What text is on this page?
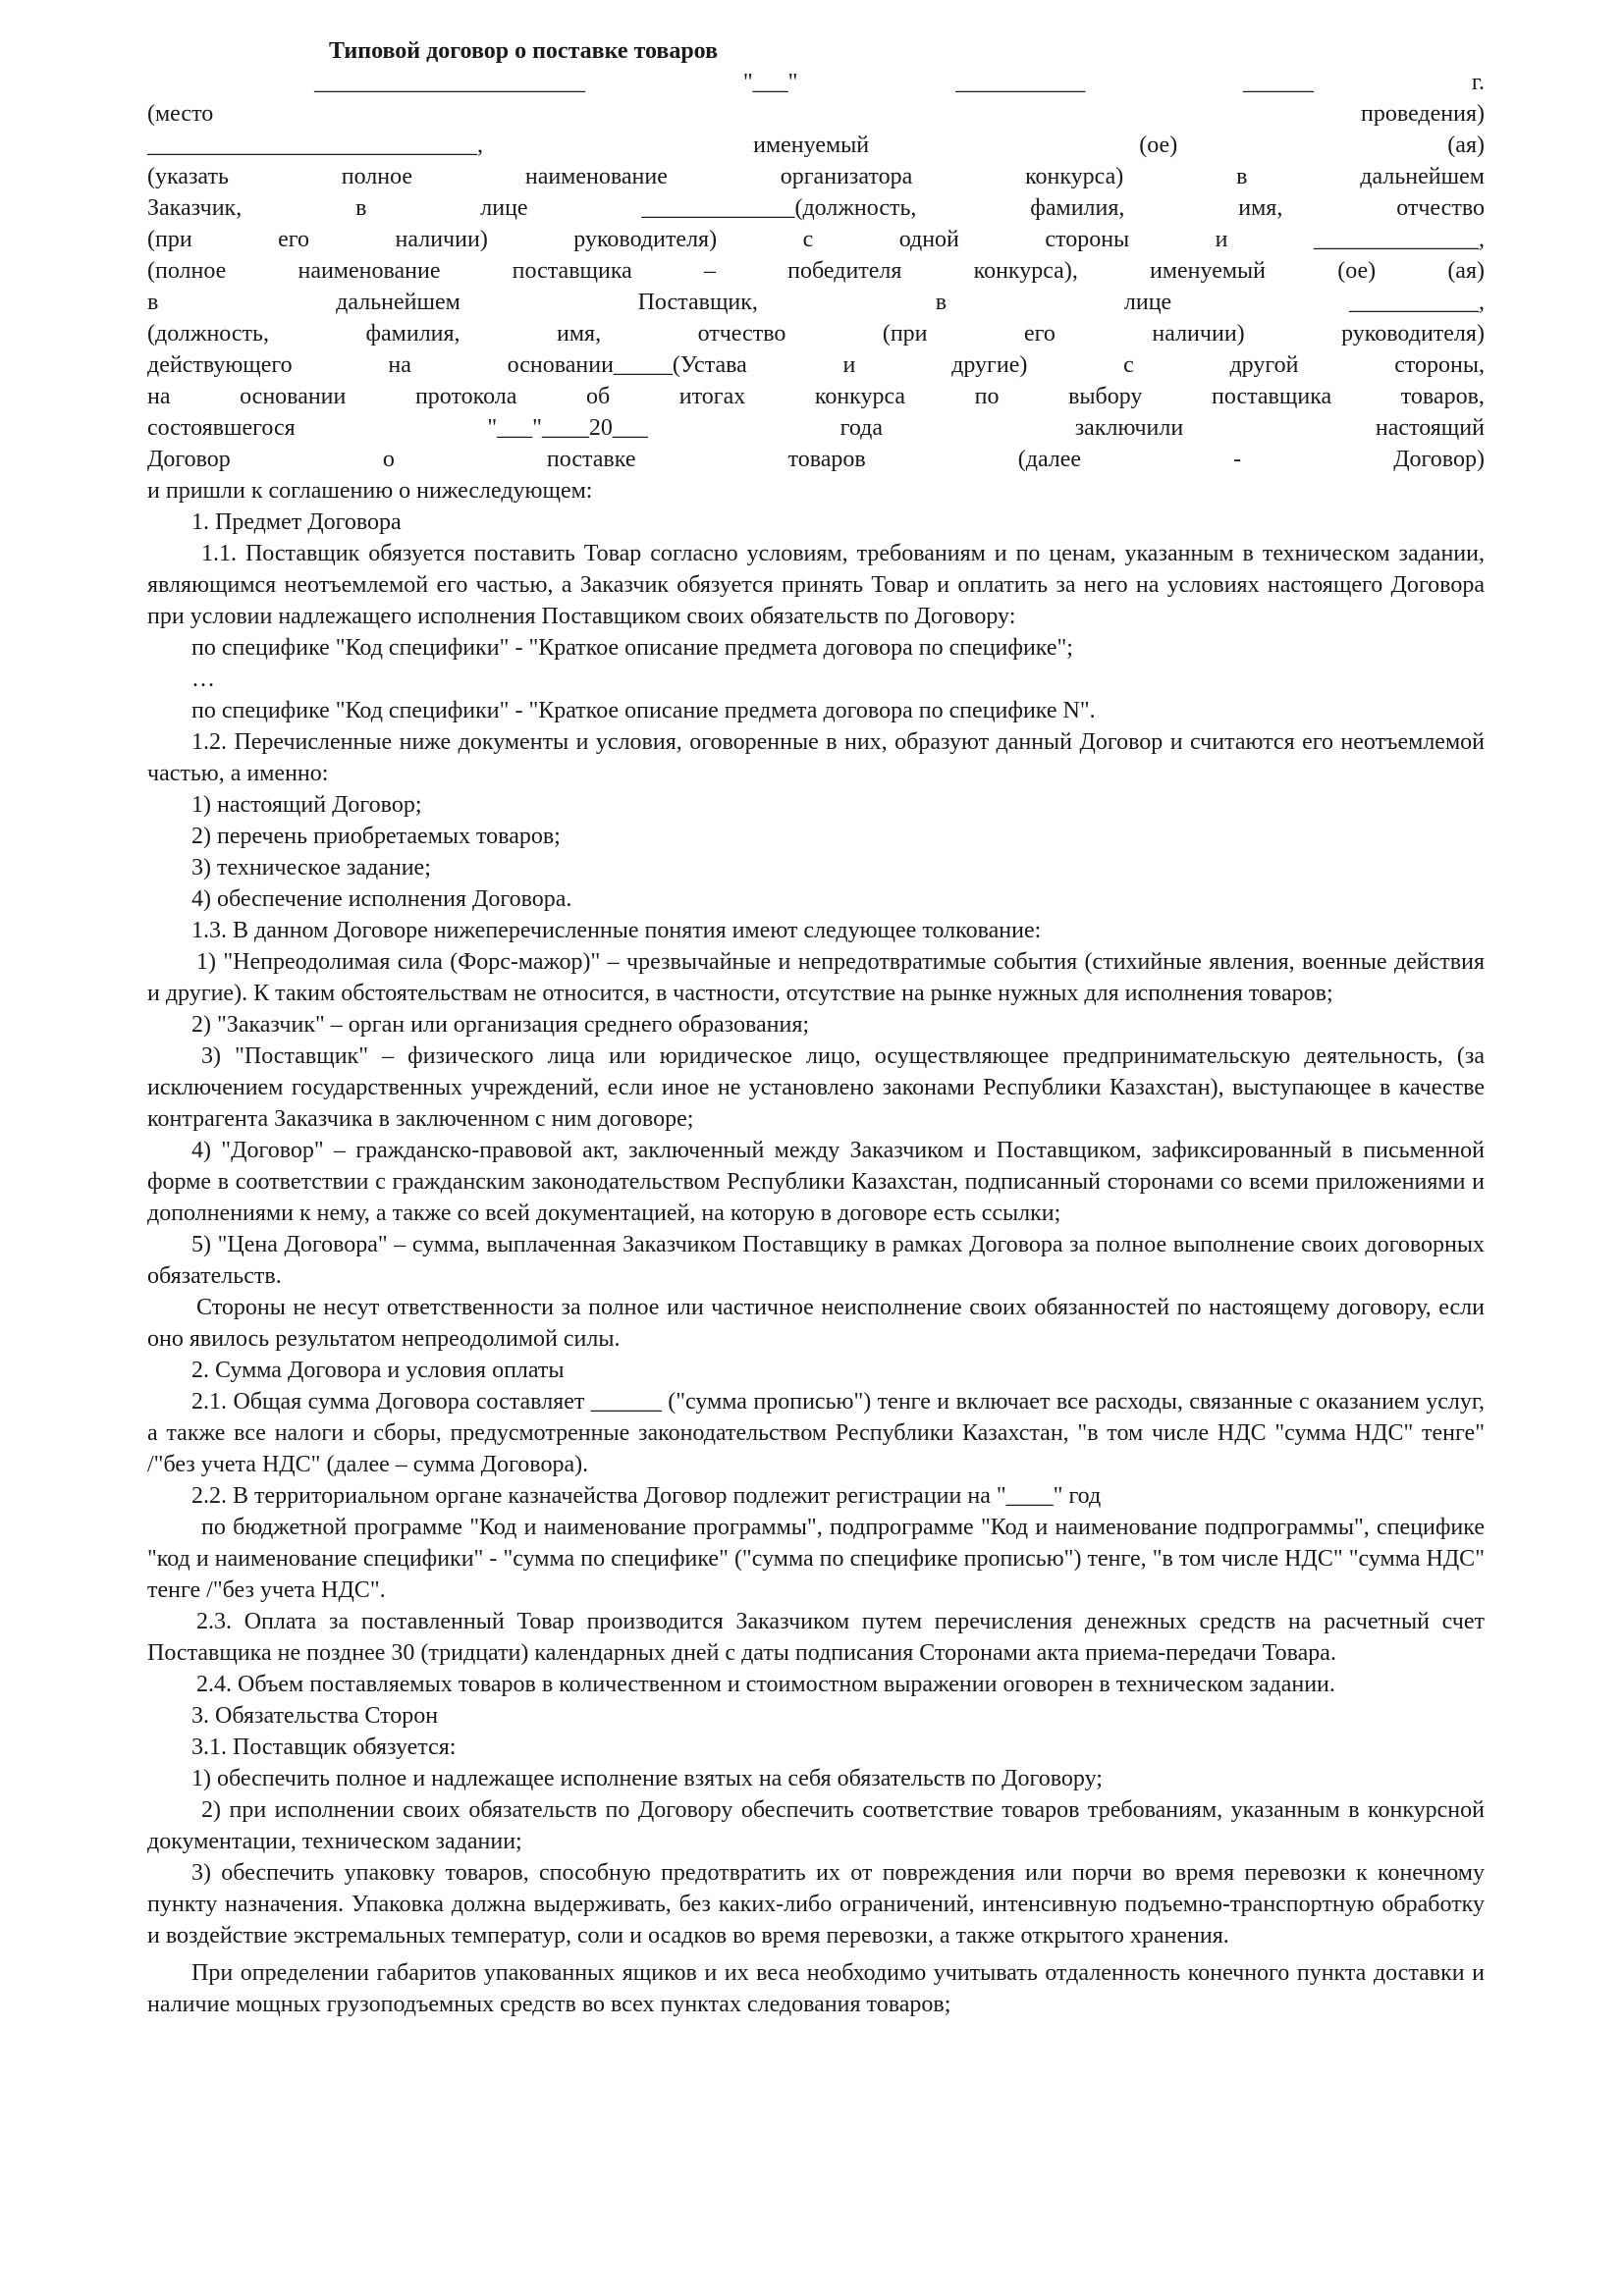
Типовой договор о поставке товаров
_______________________	"___"	___________	______	г.
(место	проведения)
____________________________,	именуемый	(ое)	(ая)
(указать	полное	наименование	организатора	конкурса)	в	дальнейшем
Заказчик,	в	лице	_____________(должность,	фамилия,	имя,	отчество
(при	его	наличии)	руководителя)	с	одной	стороны	и	______________,
(полное	наименование	поставщика	–	победителя	конкурса),	именуемый	(ое)	(ая)
в	дальнейшем	Поставщик,	в	лице	___________,
(должность,	фамилия,	имя,	отчество	(при	его	наличии)	руководителя)
действующего	на	основании_____(Устава	и	другие)	с	другой	стороны,
на	основании	протокола	об	итогах	конкурса	по	выбору	поставщика	товаров,
состоявшегося	"___"____20___	года	заключили	настоящий
Договор	о	поставке	товаров	(далее	-	Договор)
и пришли к соглашению о нижеследующем:
1. Предмет Договора

1.1. Поставщик обязуется поставить Товар согласно условиям, требованиям и по ценам, указанным в техническом задании, являющимся неотъемлемой его частью, а Заказчик обязуется принять Товар и оплатить за него на условиях настоящего Договора при условии надлежащего исполнения Поставщиком своих обязательств по Договору:

по специфике "Код специфики" - "Краткое описание предмета договора по специфике";
…
по специфике "Код специфики" - "Краткое описание предмета договора по специфике N".

1.2. Перечисленные ниже документы и условия, оговоренные в них, образуют данный Договор и считаются его неотъемлемой частью, а именно:

1) настоящий Договор;
2) перечень приобретаемых товаров;
3) техническое задание;
4) обеспечение исполнения Договора.
1.3. В данном Договоре нижеперечисленные понятия имеют следующее толкование:

1) "Непреодолимая сила (Форс-мажор)" – чрезвычайные и непредотвратимые события (стихийные явления, военные действия и другие). К таким обстоятельствам не относится, в частности, отсутствие на рынке нужных для исполнения товаров;

2) "Заказчик" – орган или организация среднего образования;

3) "Поставщик" – физического лица или юридическое лицо, осуществляющее предпринимательскую деятельность, (за исключением государственных учреждений, если иное не установлено законами Республики Казахстан), выступающее в качестве контрагента Заказчика в заключенном с ним договоре;

4) "Договор" – гражданско-правовой акт, заключенный между Заказчиком и Поставщиком, зафиксированный в письменной форме в соответствии с гражданским законодательством Республики Казахстан, подписанный сторонами со всеми приложениями и дополнениями к нему, а также со всей документацией, на которую в договоре есть ссылки;

5) "Цена Договора" – сумма, выплаченная Заказчиком Поставщику в рамках Договора за полное выполнение своих договорных обязательств.

Стороны не несут ответственности за полное или частичное неисполнение своих обязанностей по настоящему договору, если оно явилось результатом непреодолимой силы.

2. Сумма Договора и условия оплаты

2.1. Общая сумма Договора составляет ______ ("сумма прописью") тенге и включает все расходы, связанные с оказанием услуг, а также все налоги и сборы, предусмотренные законодательством Республики Казахстан, "в том числе НДС "сумма НДС" тенге" /"без учета НДС" (далее – сумма Договора).

2.2. В территориальном органе казначейства Договор подлежит регистрации на "____" год

по бюджетной программе "Код и наименование программы", подпрограмме "Код и наименование подпрограммы", специфике "код и наименование специфики" - "сумма по специфике" ("сумма по специфике прописью") тенге, "в том числе НДС" "сумма НДС" тенге /"без учета НДС".

2.3. Оплата за поставленный Товар производится Заказчиком путем перечисления денежных средств на расчетный счет Поставщика не позднее 30 (тридцати) календарных дней с даты подписания Сторонами акта приема-передачи Товара.

2.4. Объем поставляемых товаров в количественном и стоимостном выражении оговорен в техническом задании.

3. Обязательства Сторон
3.1. Поставщик обязуется:
1) обеспечить полное и надлежащее исполнение взятых на себя обязательств по Договору;

2) при исполнении своих обязательств по Договору обеспечить соответствие товаров требованиям, указанным в конкурсной документации, техническом задании;

3) обеспечить упаковку товаров, способную предотвратить их от повреждения или порчи во время перевозки к конечному пункту назначения. Упаковка должна выдерживать, без каких-либо ограничений, интенсивную подъемно-транспортную обработку и воздействие экстремальных температур, соли и осадков во время перевозки, а также открытого хранения.

При определении габаритов упакованных ящиков и их веса необходимо учитывать отдаленность конечного пункта доставки и наличие мощных грузоподъемных средств во всех пунктах следования товаров;
